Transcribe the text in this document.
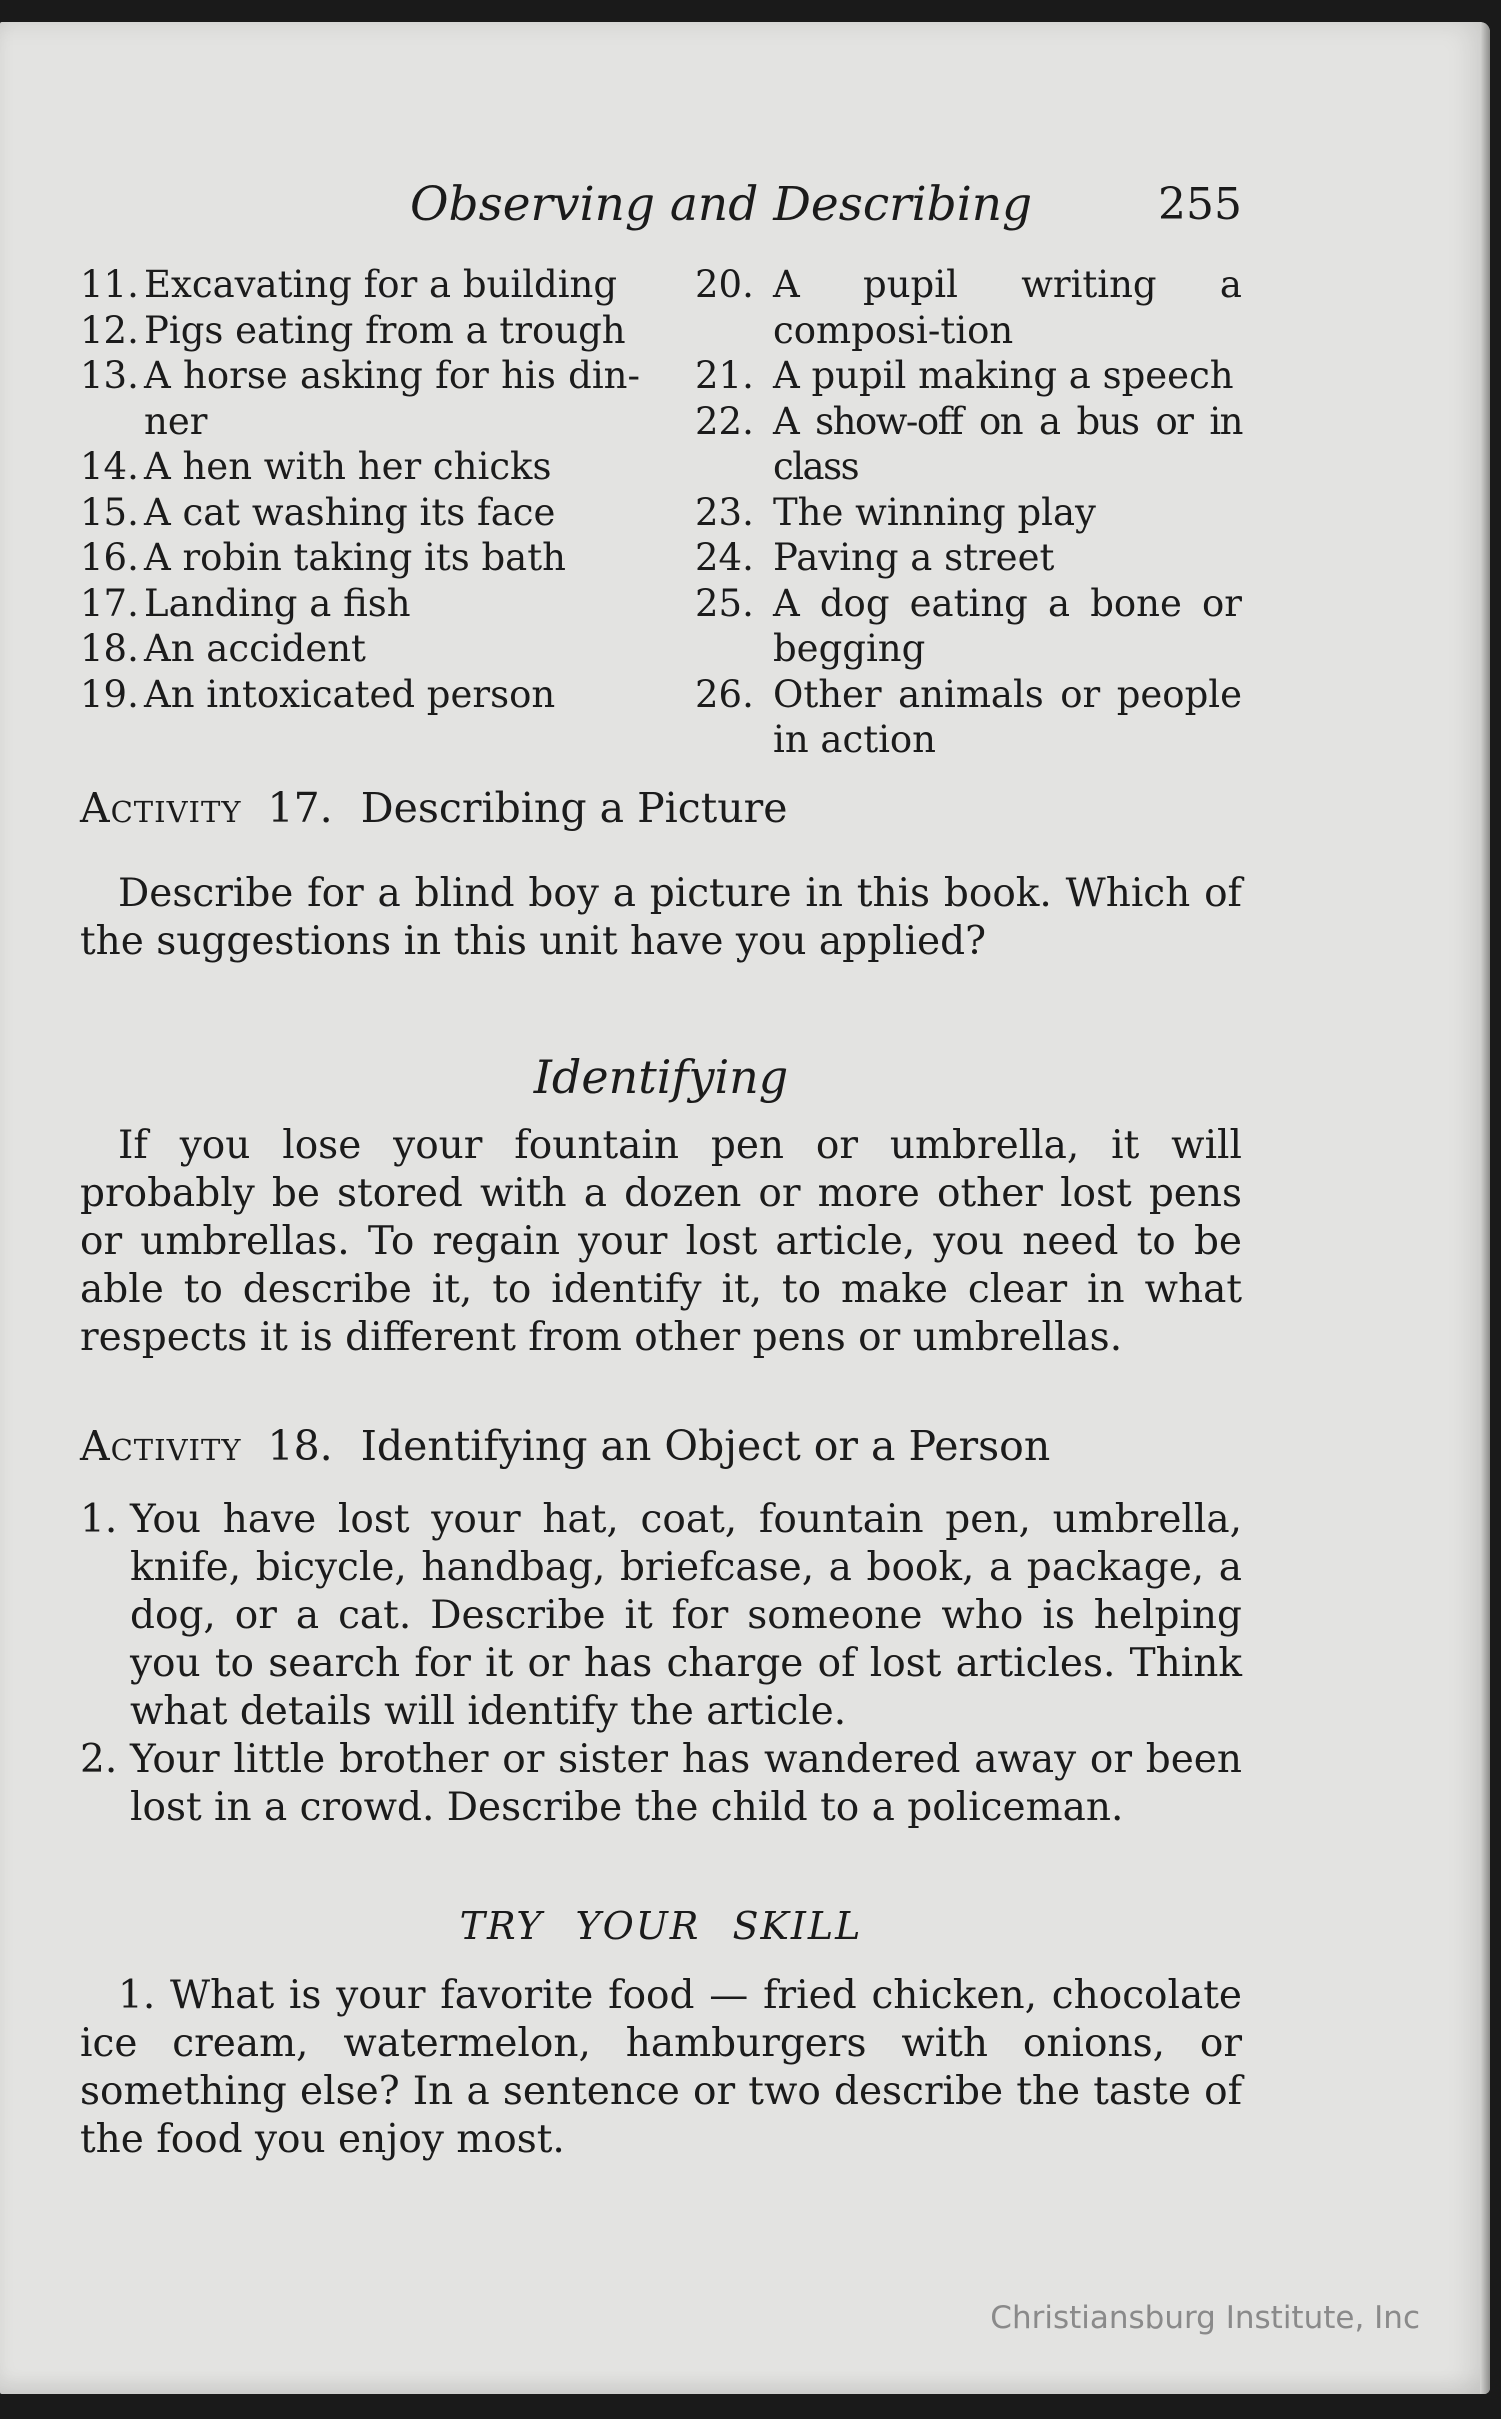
Observing and Describing	255
11. Excavating for a building
12. Pigs eating from a trough
13. A horse asking for his din-ner
14. A hen with her chicks
15. A cat washing its face
16. A robin taking its bath
17. Landing a fish
18. An accident
19. An intoxicated person
20. A pupil writing a composi-tion
21. A pupil making a speech
22. A show-off on a bus or in class
23. The winning play
24. Paving a street
25. A dog eating a bone or begging
26. Other animals or people in action
Activity 17. Describing a Picture

Describe for a blind boy a picture in this book. Which of the suggestions in this unit have you applied?

Identifying

If you lose your fountain pen or umbrella, it will probably be stored with a dozen or more other lost pens or umbrellas. To regain your lost article, you need to be able to describe it, to identify it, to make clear in what respects it is different from other pens or umbrellas.

Activity 18. Identifying an Object or a Person
1. You have lost your hat, coat, fountain pen, umbrella, knife, bicycle, handbag, briefcase, a book, a package, a dog, or a cat. Describe it for someone who is helping you to search for it or has charge of lost articles. Think what details will identify the article.
2. Your little brother or sister has wandered away or been lost in a crowd. Describe the child to a policeman.
TRY YOUR SKILL

1. What is your favorite food — fried chicken, chocolate ice cream, watermelon, hamburgers with onions, or something else? In a sentence or two describe the taste of the food you enjoy most.

Christiansburg Institute, Inc
